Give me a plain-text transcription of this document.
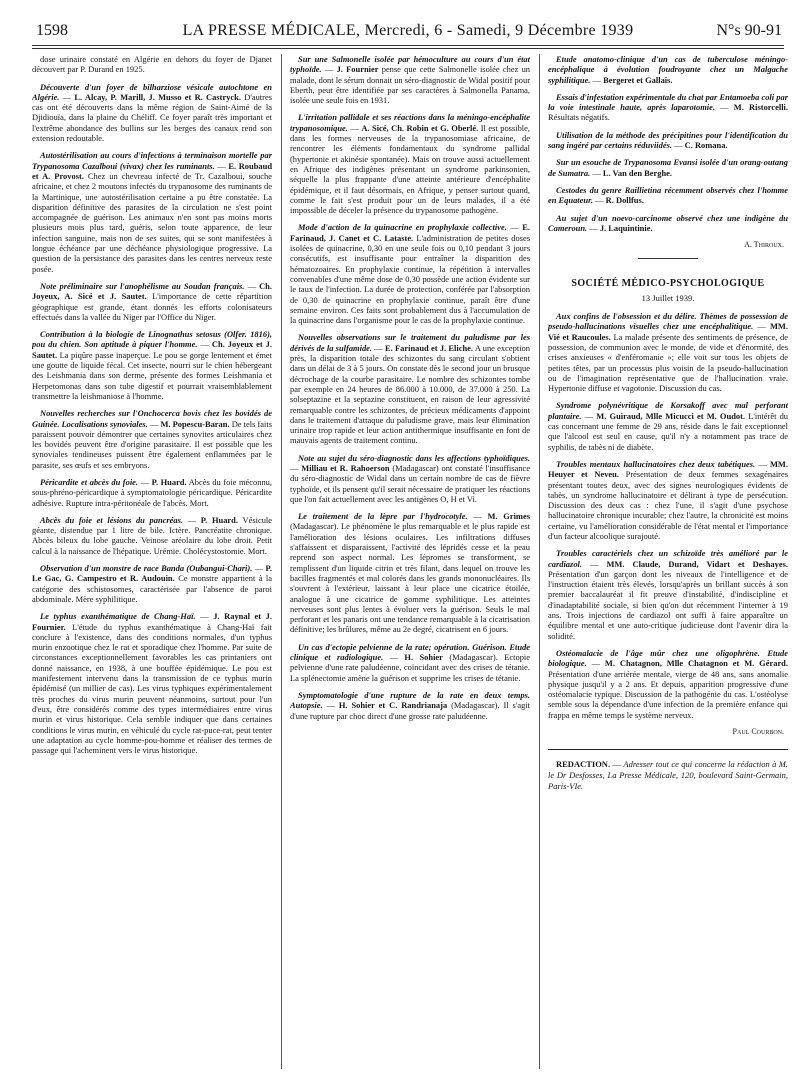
1598	LA PRESSE MÉDICALE, Mercredi, 6 - Samedi, 9 Décembre 1939	N°s 90-91

dose urinaire constaté en Algérie en dehors du foyer de Djanet découvert par P. Durand en 1925.

Découverte d'un foyer de bilharziose vésicale autochtone en Algérie. — L. Alcay, P. Marill, J. Musso et R. Castryck. D'autres cas ont été découverts dans la même région de Saint-Aimé de la Djidiouïa, dans la plaine du Chéliff. Ce foyer paraît très important et l'extrême abondance des bullins sur les berges des canaux rend son extension redoutable.

Autostérilisation au cours d'infections à terminaison mortelle par Trypanosoma Cazalboui (vivax) chez les ruminants. — E. Roubaud et A. Provost. Chez un chevreau infecté de Tr. Cazalboui, souche africaine, et chez 2 moutons infectés du trypanosome des ruminants de la Martinique, une autostérilisation certaine a pu être constatée. La disparition définitive des parasites de la circulation ne s'est point accompagnée de guérison. Les animaux n'en sont pas moins morts plusieurs mois plus tard, guéris, selon toute apparence, de leur infection sanguine, mais non de ses suites, qui se sont manifestées à longue échéance par une déchéance physiologique progressive. La question de la persistance des parasites dans les centres nerveux reste posée.

Note préliminaire sur l'anophélisme au Soudan français. — Ch. Joyeux, A. Sicé et J. Sautet. L'importance de cette répartition géographique est grande, étant donnés les efforts colonisateurs effectués dans la vallée du Niger par l'Office du Niger.

Contribution à la biologie de Linognathus setosus (Olfer. 1816), pou du chien. Son aptitude à piquer l'homme. — Ch. Joyeux et J. Sautet. La piqûre passe inaperçue. Le pou se gorge lentement et émet une goutte de liquide fécal. Cet insecte, nourri sur le chien hébergeant des Leishmania dans son derme, présente des formes Leishmania et Herpetomonas dans son tube digestif et pourrait vraisemblablement transmettre la leishmaniose à l'homme.

Nouvelles recherches sur l'Onchocerca bovis chez les bovidés de Guinée. Localisations synoviales. — M. Popescu-Baran. De tels faits paraissent pouvoir démontrer que certaines synovites articulaires chez les bovidés peuvent être d'origine parasitaire. Il est possible que les synoviales tendineuses puissent être également enflammées par le parasite, ses œufs et ses embryons.

Péricardite et abcès du foie. — P. Huard. Abcès du foie méconnu, sous-phréno-péricardique à symptomatologie péricardique. Péricardite adhésive. Rupture intra-péritonéale de l'abcès. Mort.

Abcès du foie et lésions du pancréas. — P. Huard. Vésicule géante, distendue par 1 litre de bile. Ictère. Pancréatite chronique. Abcès bileux du lobe gauche. Veinose aréolaire du lobe droit. Petit calcul à la naissance de l'hépatique. Urémie. Cholécystostomie. Mort.

Observation d'un monstre de race Banda (Oubangui-Chari). — P. Le Gac, G. Campestro et R. Audouin. Ce monstre appartient à la catégorie des schistosomes, caractérisée par l'absence de paroi abdominale. Mère syphilitique.

Le typhus exanthématique de Chang-Haï. — J. Raynal et J. Fournier. L'étude du typhus exanthématique à Chang-Haï fait conclure à l'existence, dans des conditions normales, d'un typhus murin enzootique chez le rat et sporadique chez l'homme. Par suite de circonstances exceptionnellement favorables les cas printaniers ont donné naissance, en 1938, à une bouffée épidémique. Le pou est manifestement intervenu dans la transmission de ce typhus murin épidémisé (un millier de cas). Les virus typhiques expérimentalement très proches du virus murin peuvent néanmoins, surtout pour l'un d'eux, être considérés comme des types intermédiaires entre virus murin et virus historique. Cela semble indiquer que dans certaines conditions le virus murin, en véhiculé du cycle rat-puce-rat, peut tenter une adaptation au cycle homme-pou-homme et réaliser des termes de passage qui l'acheminent vers le virus historique.

Sur une Salmonelle isolée par hémoculture au cours d'un état typhoïde. — J. Fournier pense que cette Salmonelle isolée chez un malade, dont le sérum donnait un séro-diagnostic de Widal positif pour Eberth, peut être identifiée par ses caractères à Salmonella Panama, isolée une seule fois en 1931.

L'irritation pallidale et ses réactions dans la méningo-encéphalite trypanosomique. — A. Sicé, Ch. Robin et G. Oberlé. Il est possible, dans les formes nerveuses de la trypanosomiase africaine, de rencontrer les éléments fondamentaux du syndrome pallidal (hypertonie et akinésie spontanée). Mais on trouve aussi actuellement en Afrique des indigènes présentant un syndrome parkinsonien, séquelle la plus frappante d'une atteinte antérieure d'encéphalite épidémique, et il faut désormais, en Afrique, y penser surtout quand, comme le fait s'est produit pour un de leurs malades, il a été impossible de déceler la présence du trypanosome pathogène.

Mode d'action de la quinacrine en prophylaxie collective. — E. Farinaud, J. Canet et C. Lataste. L'administration de petites doses isolées de quinacrine, 0,30 en une seule fois ou 0,10 pendant 3 jours consécutifs, est insuffisante pour entraîner la disparition des hématozoaires. En prophylaxie continue, la répétition à intervalles convenables d'une même dose de 0,30 possède une action évidente sur le taux de l'infection. La durée de protection, conférée par l'absorption de 0,30 de quinacrine en prophylaxie continue, paraît être d'une semaine environ. Ces faits sont probablement dus à l'accumulation de la quinacrine dans l'organisme pour le cas de la prophylaxie continue.

Nouvelles observations sur le traitement du paludisme par les dérivés de la sulfamide. — E. Farinaud et J. Eliche. A une exception près, la disparition totale des schizontes du sang circulant s'obtient dans un délai de 3 à 5 jours. On constate dès le second jour un brusque décrochage de la courbe parasitaire. Le nombre des schizontes tombe par exemple en 24 heures de 86.000 à 10.000, de 37.000 à 250. La solseptazine et la septazine constituent, en raison de leur agressivité remarquable contre les schizontes, de précieux médicaments d'appoint dans le traitement d'attaque du paludisme grave, mais leur élimination urinaire trop rapide et leur action antithermique insuffisante en font de mauvais agents de traitement continu.

Note au sujet du séro-diagnostic dans les affections typhoïdiques. — Milliau et R. Rahoerson (Madagascar) ont constaté l'insuffisance du séro-diagnostic de Widal dans un certain nombre de cas de fièvre typhoïde, et ils pensent qu'il serait nécessaire de pratiquer les réactions que l'on fait actuellement avec les antigènes O, H et Vi.

Le traitement de la lèpre par l'hydrocotyle. — M. Grimes (Madagascar). Le phénomène le plus remarquable et le plus rapide est l'amélioration des lésions oculaires. Les infiltrations diffuses s'affaissent et disparaissent, l'activité des lépridés cesse et la peau reprend son aspect normal. Les lépromes se transforment, se remplissent d'un liquide citrin et très filant, dans lequel on trouve les bacilles fragmentés et mal colorés dans les grands mononucléaires. Ils s'ouvrent à l'extérieur, laissant à leur place une cicatrice étoilée, analogue à une cicatrice de gomme syphilitique. Les atteintes nerveuses sont plus lentes à évoluer vers la guérison. Seuls le mal perforant et les panaris ont une tendance remarquable à la cicatrisation définitive; les brûlures, même au 2e degré, cicatrisent en 6 jours.

Un cas d'ectopie pelvienne de la rate; opération. Guérison. Etude clinique et radiologique. — H. Sohier (Madagascar). Ectopie pelvienne d'une rate paludéenne, coïncidant avec des crises de tétanie. La splénectomie amène la guérison et supprime les crises de tétanie.

Symptomatologie d'une rupture de la rate en deux temps. Autopsie. — H. Sohier et C. Randrianaja (Madagascar). Il s'agit d'une rupture par choc direct d'une grosse rate paludéenne.

Etude anatomo-clinique d'un cas de tuberculose méningo-encéphalique à évolution foudroyante chez un Malgache syphilitique. — Bergeret et Gallais.

Essais d'infestation expérimentale du chat par Entamoeba coli par la voie intestinale haute, après laparotomie. — M. Ristorcelli. Résultats négatifs.

Utilisation de la méthode des précipitines pour l'identification du sang ingéré par certains réduviidés. — C. Romana.

Sur un esouche de Trypanosoma Evansi isolée d'un orang-outang de Sumatra. — L. Van den Berghe.

Cestodes du genre Raillietina récemment observés chez l'homme en Equateur. — R. Dollfus.

Au sujet d'un noevo-carcinome observé chez une indigène du Cameroun. — J. Laquintinie.

A. Thiroux.
SOCIÉTÉ MÉDICO-PSYCHOLOGIQUE
13 Juillet 1939.

Aux confins de l'obsession et du délire. Thèmes de possession de pseudo-hallucinations visuelles chez une encéphalitique. — MM. Vié et Raucoules. La malade présente des sentiments de présence, de possession, de communion avec le monde, de vide et d'énormité, des crises anxieuses « d'enféromanie »; elle voit sur tous les objets de petites têtes, par un processus plus voisin de la pseudo-hallucination ou de l'imagination représentative que de l'hallucination vraie. Hypertonie diffuse et vagotonie. Discussion du cas.

Syndrome polynévritique de Korsakoff avec mal perforant plantaire. — M. Guiraud, Mlle Micucci et M. Oudot. L'intérêt du cas concernant une femme de 29 ans, réside dans le fait exceptionnel que l'alcool est seul en cause, qu'il n'y a notamment pas trace de syphilis, de tabès ni de diabète.

Troubles mentaux hallucinatoires chez deux tabétiques. — MM. Heuyer et Neveu. Présentation de deux femmes sexagénaires présentant toutes deux, avec des signes neurologiques évidents de tabès, un syndrome hallucinatoire et délirant à type de persécution. Discussion des deux cas : chez l'une, il s'agit d'une psychose hallucinatoire chronique incurable; chez l'autre, la chronicité est moins certaine, vu l'amélioration considérable de l'état mental et l'importance d'un facteur alcoolique surajouté.

Troubles caractériels chez un schizoïde très amélioré par le cardiazol. — MM. Claude, Durand, Vidart et Deshayes. Présentation d'un garçon dont les niveaux de l'intelligence et de l'instruction étaient très élevés, lorsqu'après un brillant succès à son premier baccalauréat il fit preuve d'instabilité, d'indiscipline et d'inadaptabilité sociale, si bien qu'on dut récemment l'interner à 19 ans. Trois injections de cardiazol ont suffi à faire apparaître un équilibre mental et une auto-critique judicieuse dont l'avenir dira la solidité.

Ostéomalacie de l'âge mûr chez une oligophrène. Etude biologique. — M. Chatagnon, Mlle Chatagnon et M. Gérard. Présentation d'une arriérée mentale, vierge de 48 ans, sans anomalie physique jusqu'il y a 2 ans. Et depuis, apparition progressive d'une ostéomalacie typique. Discussion de la pathogénie du cas. L'ostéolyse semble sous la dépendance d'une infection de la première enfance qui frappa en même temps le système nerveux.

Paul Courbon.

REDACTION. — Adresser tout ce qui concerne la rédaction à M. le Dr Desfosses, La Presse Médicale, 120, boulevard Saint-Germain, Paris-VIe.
